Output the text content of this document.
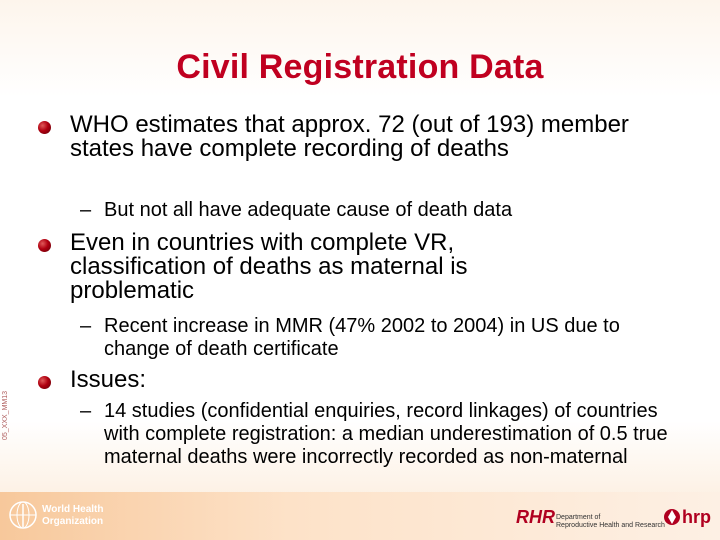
Civil Registration Data
WHO estimates that approx. 72 (out of 193) member states have complete recording of deaths
– But not all have adequate cause of death data
Even in countries with complete VR, classification of deaths as maternal is problematic
– Recent increase in MMR (47% 2002 to 2004) in US due to change of death certificate
Issues:
– 14 studies (confidential enquiries, record linkages) of countries with complete registration: a median underestimation of 0.5 true maternal deaths were incorrectly recorded as non-maternal
05_XXX_MM13
World Health
Organization	RHR Department of
Reproductive Health and Research hrp
